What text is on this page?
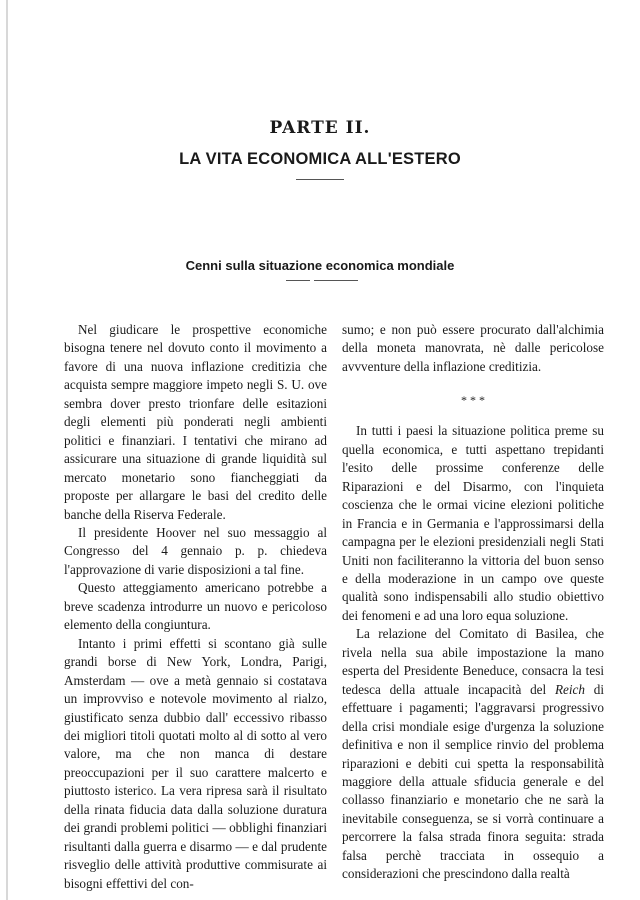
PARTE II.
LA VITA ECONOMICA ALL'ESTERO
Cenni sulla situazione economica mondiale

Nel giudicare le prospettive economiche bisogna tenere nel dovuto conto il movimento a favore di una nuova inflazione creditizia che acquista sempre maggiore impeto negli S. U. ove sembra dover presto trionfare delle esitazioni degli elementi più ponderati negli ambienti politici e finanziari. I tentativi che mirano ad assicurare una situazione di grande liquidità sul mercato monetario sono fiancheggiati da proposte per allargare le basi del credito delle banche della Riserva Federale.

Il presidente Hoover nel suo messaggio al Congresso del 4 gennaio p. p. chiedeva l'approvazione di varie disposizioni a tal fine.

Questo atteggiamento americano potrebbe a breve scadenza introdurre un nuovo e pericoloso elemento della congiuntura.

Intanto i primi effetti si scontano già sulle grandi borse di New York, Londra, Parigi, Amsterdam — ove a metà gennaio si costatava un improvviso e notevole movimento al rialzo, giustificato senza dubbio dall' eccessivo ribasso dei migliori titoli quotati molto al di sotto al vero valore, ma che non manca di destare preoccupazioni per il suo carattere malcerto e piuttosto isterico. La vera ripresa sarà il risultato della rinata fiducia data dalla soluzione duratura dei grandi problemi politici — obblighi finanziari risultanti dalla guerra e disarmo — e dal prudente risveglio delle attività produttive commisurate ai bisogni effettivi del con-

sumo; e non può essere procurato dall'alchimia della moneta manovrata, nè dalle pericolose avvventure della inflazione creditizia.

* * *

In tutti i paesi la situazione politica preme su quella economica, e tutti aspettano trepidanti l'esito delle prossime conferenze delle Riparazioni e del Disarmo, con l'inquieta coscienza che le ormai vicine elezioni politiche in Francia e in Germania e l'approssimarsi della campagna per le elezioni presidenziali negli Stati Uniti non faciliteranno la vittoria del buon senso e della moderazione in un campo ove queste qualità sono indispensabili allo studio obiettivo dei fenomeni e ad una loro equa soluzione.

La relazione del Comitato di Basilea, che rivela nella sua abile impostazione la mano esperta del Presidente Beneduce, consacra la tesi tedesca della attuale incapacità del Reich di effettuare i pagamenti; l'aggravarsi progressivo della crisi mondiale esige d'urgenza la soluzione definitiva e non il semplice rinvio del problema riparazioni e debiti cui spetta la responsabilità maggiore della attuale sfiducia generale e del collasso finanziario e monetario che ne sarà la inevitabile conseguenza, se si vorrà continuare a percorrere la falsa strada finora seguita: strada falsa perchè tracciata in ossequio a considerazioni che prescindono dalla realtà
